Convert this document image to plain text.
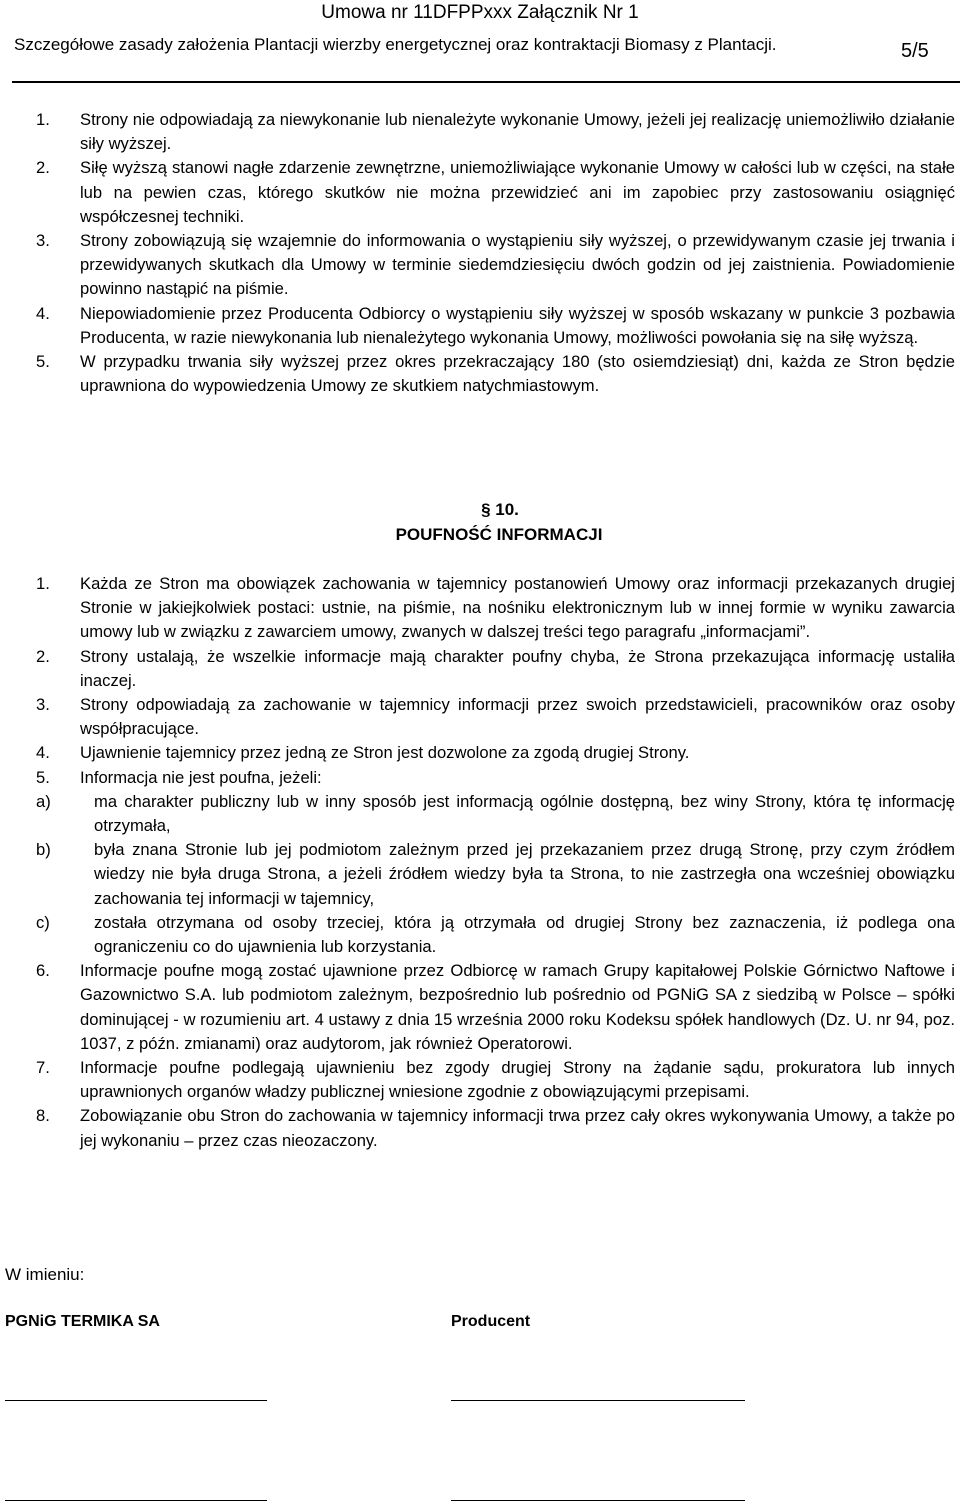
Umowa nr 11DFPPxxx Załącznik Nr 1
Szczegółowe zasady założenia Plantacji wierzby energetycznej oraz kontraktacji Biomasy z Plantacji.	5/5
1.	Strony nie odpowiadają za niewykonanie lub nienależyte wykonanie Umowy, jeżeli jej realizację uniemożliwiło działanie siły wyższej.
2.	Siłę wyższą stanowi nagłe zdarzenie zewnętrzne, uniemożliwiające wykonanie Umowy w całości lub w części, na stałe lub na pewien czas, którego skutków nie można przewidzieć ani im zapobiec przy zastosowaniu osiągnięć współczesnej techniki.
3.	Strony zobowiązują się wzajemnie do informowania o wystąpieniu siły wyższej, o przewidywanym czasie jej trwania i przewidywanych skutkach dla Umowy w terminie siedemdziesięciu dwóch godzin od jej zaistnienia. Powiadomienie powinno nastąpić na piśmie.
4.	Niepowiadomienie przez Producenta Odbiorcy o wystąpieniu siły wyższej w sposób wskazany w punkcie 3 pozbawia Producenta, w razie niewykonania lub nienależytego wykonania Umowy, możliwości powołania się na siłę wyższą.
5.	W przypadku trwania siły wyższej przez okres przekraczający 180 (sto osiemdziesiąt) dni, każda ze Stron będzie uprawniona do wypowiedzenia Umowy ze skutkiem natychmiastowym.
§ 10.
POUFNOŚĆ INFORMACJI
1.	Każda ze Stron ma obowiązek zachowania w tajemnicy postanowień Umowy oraz informacji przekazanych drugiej Stronie w jakiejkolwiek postaci: ustnie, na piśmie, na nośniku elektronicznym lub w innej formie w wyniku zawarcia umowy lub w związku z zawarciem umowy, zwanych w dalszej treści tego paragrafu „informacjami”.
2.	Strony ustalają, że wszelkie informacje mają charakter poufny chyba, że Strona przekazująca informację ustaliła inaczej.
3.	Strony odpowiadają za zachowanie w tajemnicy informacji przez swoich przedstawicieli, pracowników oraz osoby współpracujące.
4.	Ujawnienie tajemnicy przez jedną ze Stron jest dozwolone za zgodą drugiej Strony.
5.	Informacja nie jest poufna, jeżeli:
a)	ma charakter publiczny lub w inny sposób jest informacją ogólnie dostępną, bez winy Strony, która tę informację otrzymała,
b)	była znana Stronie lub jej podmiotom zależnym przed jej przekazaniem przez drugą Stronę, przy czym źródłem wiedzy nie była druga Strona, a jeżeli źródłem wiedzy była ta Strona, to nie zastrzegła ona wcześniej obowiązku zachowania tej informacji w tajemnicy,
c)	została otrzymana od osoby trzeciej, która ją otrzymała od drugiej Strony bez zaznaczenia, iż podlega ona ograniczeniu co do ujawnienia lub korzystania.
6.	Informacje poufne mogą zostać ujawnione przez Odbiorcę w ramach Grupy kapitałowej Polskie Górnictwo Naftowe i Gazownictwo S.A. lub podmiotom zależnym, bezpośrednio lub pośrednio od PGNiG SA z siedzibą w Polsce – spółki dominującej - w rozumieniu art. 4 ustawy z dnia 15 września 2000 roku Kodeksu spółek handlowych (Dz. U. nr 94, poz. 1037, z późn. zmianami) oraz audytorom, jak również Operatorowi.
7.	Informacje poufne podlegają ujawnieniu bez zgody drugiej Strony na żądanie sądu, prokuratora lub innych uprawnionych organów władzy publicznej wniesione zgodnie z obowiązującymi przepisami.
8.	Zobowiązanie obu Stron do zachowania w tajemnicy informacji trwa przez cały okres wykonywania Umowy, a także po jej wykonaniu – przez czas nieozaczony.
W imieniu:
PGNiG TERMIKA SA	Producent
